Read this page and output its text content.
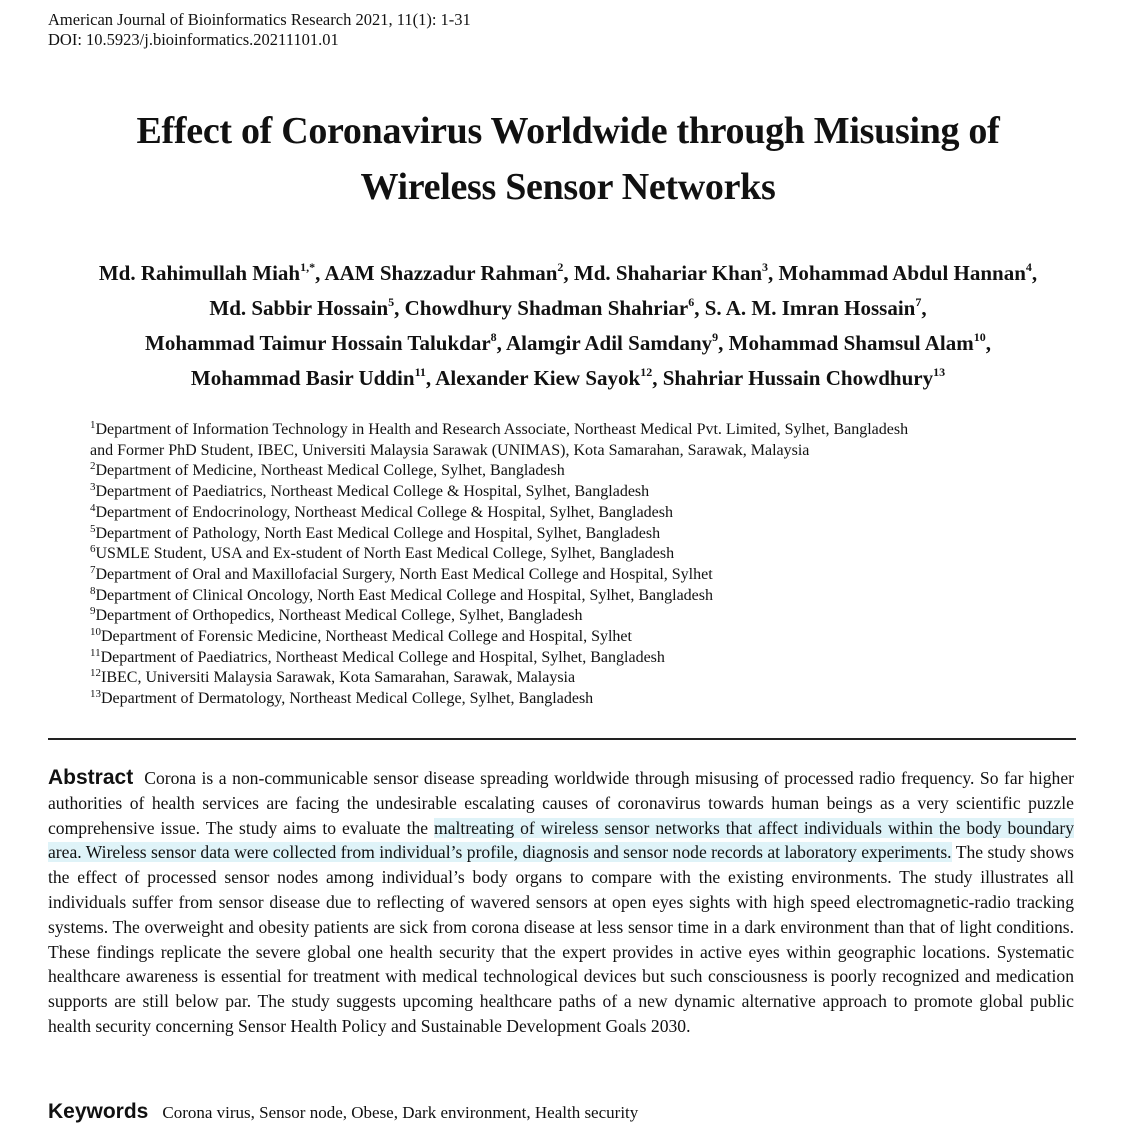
American Journal of Bioinformatics Research 2021, 11(1): 1-31
DOI: 10.5923/j.bioinformatics.20211101.01
Effect of Coronavirus Worldwide through Misusing of
Wireless Sensor Networks
Md. Rahimullah Miah$^{1,*}$, AAM Shazzadur Rahman$^2$, Md. Shahariar Khan$^3$, Mohammad Abdul Hannan$^4$,
Md. Sabbir Hossain$^5$, Chowdhury Shadman Shahriar$^6$, S. A. M. Imran Hossain$^7$,
Mohammad Taimur Hossain Talukdar$^8$, Alamgir Adil Samdany$^9$, Mohammad Shamsul Alam$^{10}$,
Mohammad Basir Uddin$^{11}$, Alexander Kiew Sayok$^{12}$, Shahriar Hussain Chowdhury$^{13}$
$^1$Department of Information Technology in Health and Research Associate, Northeast Medical Pvt. Limited, Sylhet, Bangladesh
and Former PhD Student, IBEC, Universiti Malaysia Sarawak (UNIMAS), Kota Samarahan, Sarawak, Malaysia
$^2$Department of Medicine, Northeast Medical College, Sylhet, Bangladesh
$^3$Department of Paediatrics, Northeast Medical College & Hospital, Sylhet, Bangladesh
$^4$Department of Endocrinology, Northeast Medical College & Hospital, Sylhet, Bangladesh
$^5$Department of Pathology, North East Medical College and Hospital, Sylhet, Bangladesh
$^6$USMLE Student, USA and Ex-student of North East Medical College, Sylhet, Bangladesh
$^7$Department of Oral and Maxillofacial Surgery, North East Medical College and Hospital, Sylhet
$^8$Department of Clinical Oncology, North East Medical College and Hospital, Sylhet, Bangladesh
$^9$Department of Orthopedics, Northeast Medical College, Sylhet, Bangladesh
$^{10}$Department of Forensic Medicine, Northeast Medical College and Hospital, Sylhet
$^{11}$Department of Paediatrics, Northeast Medical College and Hospital, Sylhet, Bangladesh
$^{12}$IBEC, Universiti Malaysia Sarawak, Kota Samarahan, Sarawak, Malaysia
$^{13}$Department of Dermatology, Northeast Medical College, Sylhet, Bangladesh
Abstract Corona is a non-communicable sensor disease spreading worldwide through misusing of processed radio frequency. So far higher authorities of health services are facing the undesirable escalating causes of coronavirus towards human beings as a very scientific puzzle comprehensive issue. The study aims to evaluate the maltreating of wireless sensor networks that affect individuals within the body boundary area. Wireless sensor data were collected from individual’s profile, diagnosis and sensor node records at laboratory experiments. The study shows the effect of processed sensor nodes among individual’s body organs to compare with the existing environments. The study illustrates all individuals suffer from sensor disease due to reflecting of wavered sensors at open eyes sights with high speed electromagnetic-radio tracking systems. The overweight and obesity patients are sick from corona disease at less sensor time in a dark environment than that of light conditions. These findings replicate the severe global one health security that the expert provides in active eyes within geographic locations. Systematic healthcare awareness is essential for treatment with medical technological devices but such consciousness is poorly recognized and medication supports are still below par. The study suggests upcoming healthcare paths of a new dynamic alternative approach to promote global public health security concerning Sensor Health Policy and Sustainable Development Goals 2030.
Keywords Corona virus, Sensor node, Obese, Dark environment, Health security
